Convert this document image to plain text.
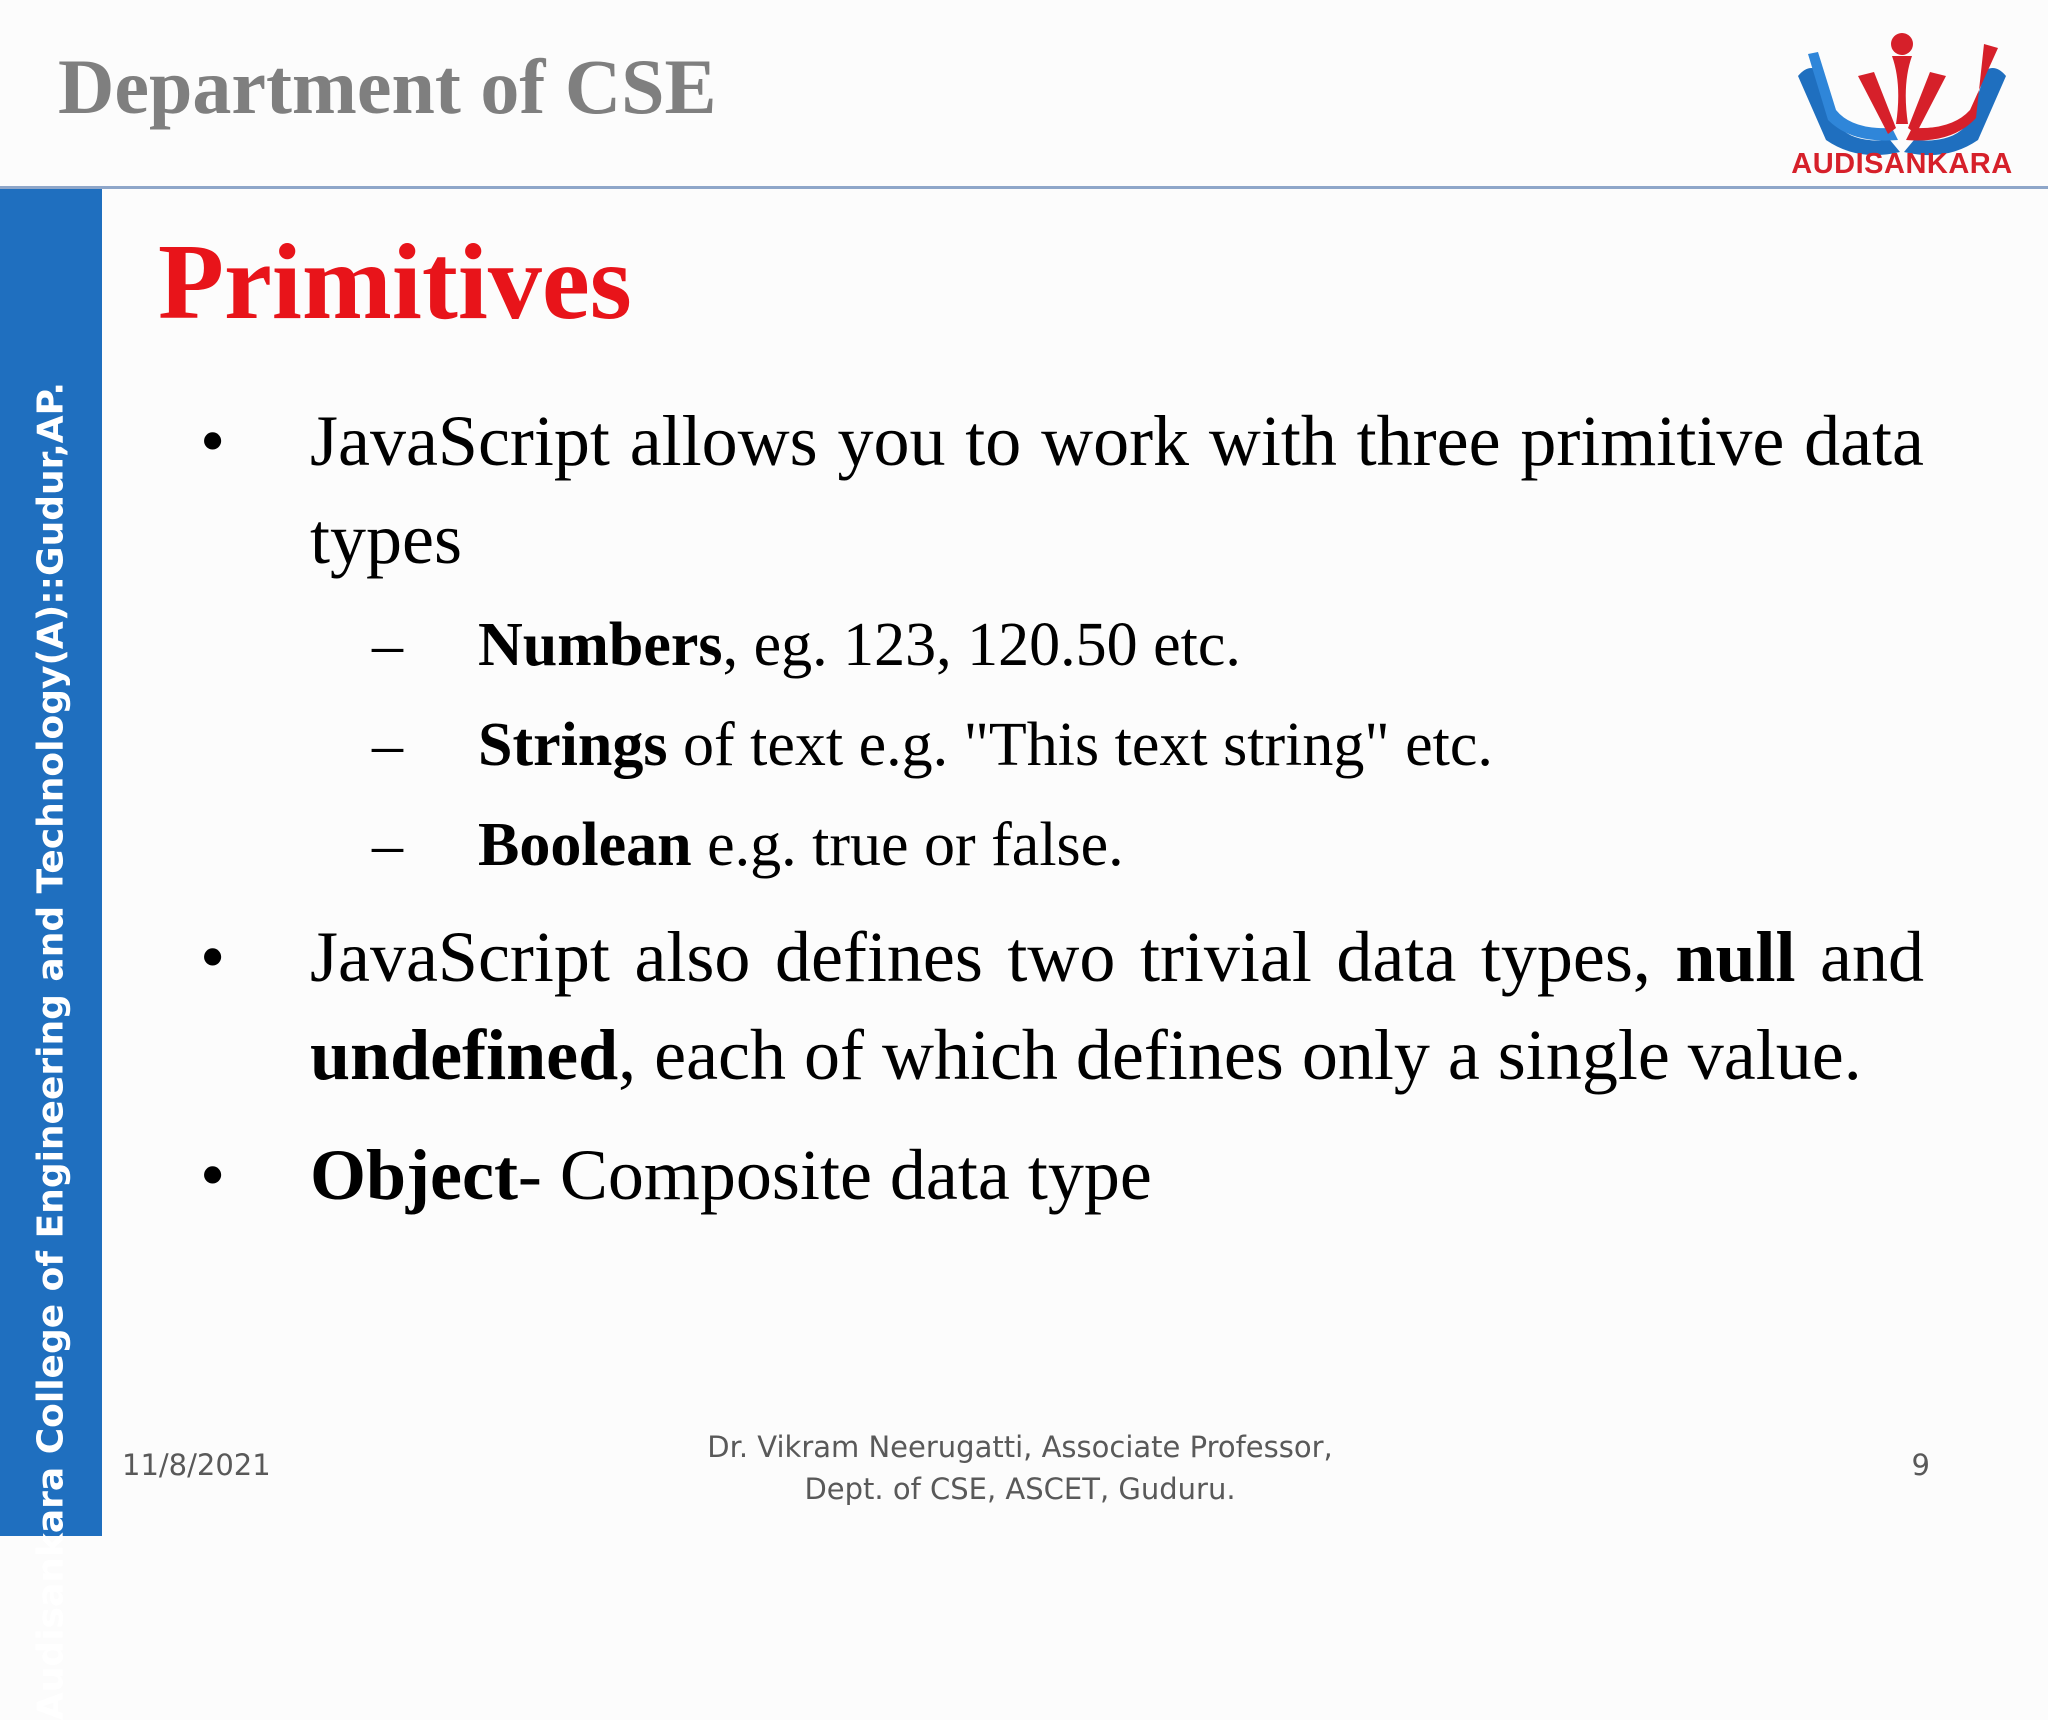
Department of CSE
AUDISANKARA
Audisankara College of Engineering and Technology(A)::Gudur,AP.
Primitives
•	JavaScript allows you to work with three primitive data types
–	Numbers, eg. 123, 120.50 etc.
–	Strings of text e.g. "This text string" etc.
–	Boolean e.g. true or false.
•	JavaScript also defines two trivial data types, null and undefined, each of which defines only a single value.
•	Object- Composite data type
11/8/2021
Dr. Vikram Neerugatti, Associate Professor,
Dept. of CSE, ASCET, Guduru.
9
